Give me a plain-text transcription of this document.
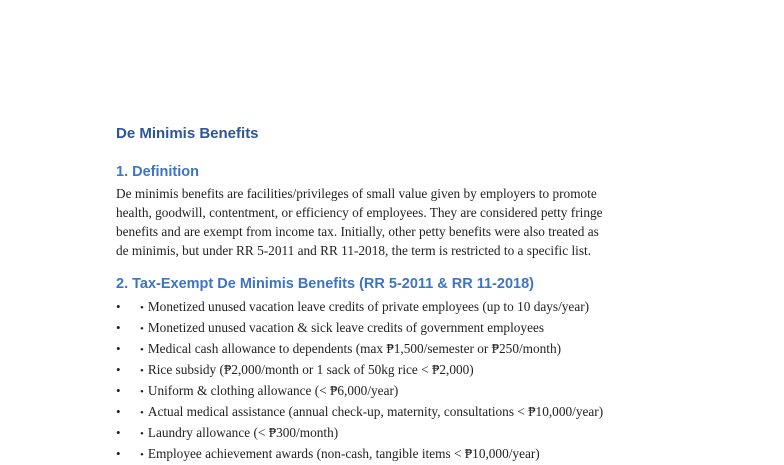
De Minimis Benefits
1. Definition

De minimis benefits are facilities/privileges of small value given by employers to promote
health, goodwill, contentment, or efficiency of employees. They are considered petty fringe
benefits and are exempt from income tax. Initially, other petty benefits were also treated as
de minimis, but under RR 5-2011 and RR 11-2018, the term is restricted to a specific list.

2. Tax-Exempt De Minimis Benefits (RR 5-2011 & RR 11-2018)
• • Monetized unused vacation leave credits of private employees (up to 10 days/year)
• • Monetized unused vacation & sick leave credits of government employees
• • Medical cash allowance to dependents (max ₱1,500/semester or ₱250/month)
• • Rice subsidy (₱2,000/month or 1 sack of 50kg rice < ₱2,000)
• • Uniform & clothing allowance (< ₱6,000/year)
• • Actual medical assistance (annual check-up, maternity, consultations < ₱10,000/year)
• • Laundry allowance (< ₱300/month)
• • Employee achievement awards (non-cash, tangible items < ₱10,000/year)
